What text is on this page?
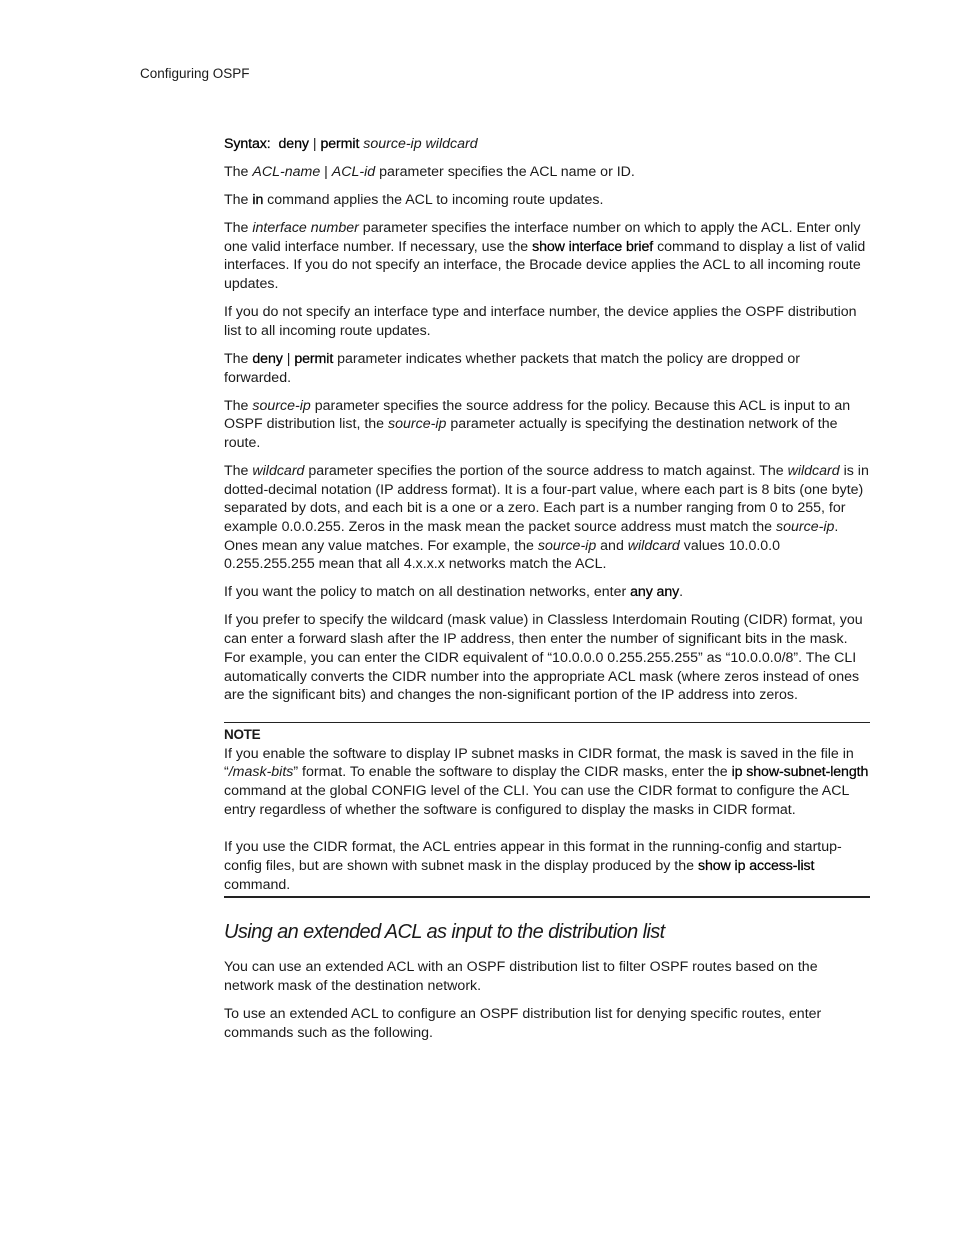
Configuring OSPF

Syntax: deny | permit source-ip wildcard

The ACL-name | ACL-id parameter specifies the ACL name or ID.

The in command applies the ACL to incoming route updates.

The interface number parameter specifies the interface number on which to apply the ACL. Enter only one valid interface number. If necessary, use the show interface brief command to display a list of valid interfaces. If you do not specify an interface, the Brocade device applies the ACL to all incoming route updates.

If you do not specify an interface type and interface number, the device applies the OSPF distribution list to all incoming route updates.

The deny | permit parameter indicates whether packets that match the policy are dropped or forwarded.

The source-ip parameter specifies the source address for the policy. Because this ACL is input to an OSPF distribution list, the source-ip parameter actually is specifying the destination network of the route.

The wildcard parameter specifies the portion of the source address to match against. The wildcard is in dotted-decimal notation (IP address format). It is a four-part value, where each part is 8 bits (one byte) separated by dots, and each bit is a one or a zero. Each part is a number ranging from 0 to 255, for example 0.0.0.255. Zeros in the mask mean the packet source address must match the source-ip. Ones mean any value matches. For example, the source-ip and wildcard values 10.0.0.0 0.255.255.255 mean that all 4.x.x.x networks match the ACL.

If you want the policy to match on all destination networks, enter any any.

If you prefer to specify the wildcard (mask value) in Classless Interdomain Routing (CIDR) format, you can enter a forward slash after the IP address, then enter the number of significant bits in the mask. For example, you can enter the CIDR equivalent of “10.0.0.0 0.255.255.255” as “10.0.0.0/8”. The CLI automatically converts the CIDR number into the appropriate ACL mask (where zeros instead of ones are the significant bits) and changes the non-significant portion of the IP address into zeros.

NOTE

If you enable the software to display IP subnet masks in CIDR format, the mask is saved in the file in “/mask-bits” format. To enable the software to display the CIDR masks, enter the ip show-subnet-length command at the global CONFIG level of the CLI. You can use the CIDR format to configure the ACL entry regardless of whether the software is configured to display the masks in CIDR format.

If you use the CIDR format, the ACL entries appear in this format in the running-config and startup-config files, but are shown with subnet mask in the display produced by the show ip access-list command.

Using an extended ACL as input to the distribution list

You can use an extended ACL with an OSPF distribution list to filter OSPF routes based on the network mask of the destination network.

To use an extended ACL to configure an OSPF distribution list for denying specific routes, enter commands such as the following.
